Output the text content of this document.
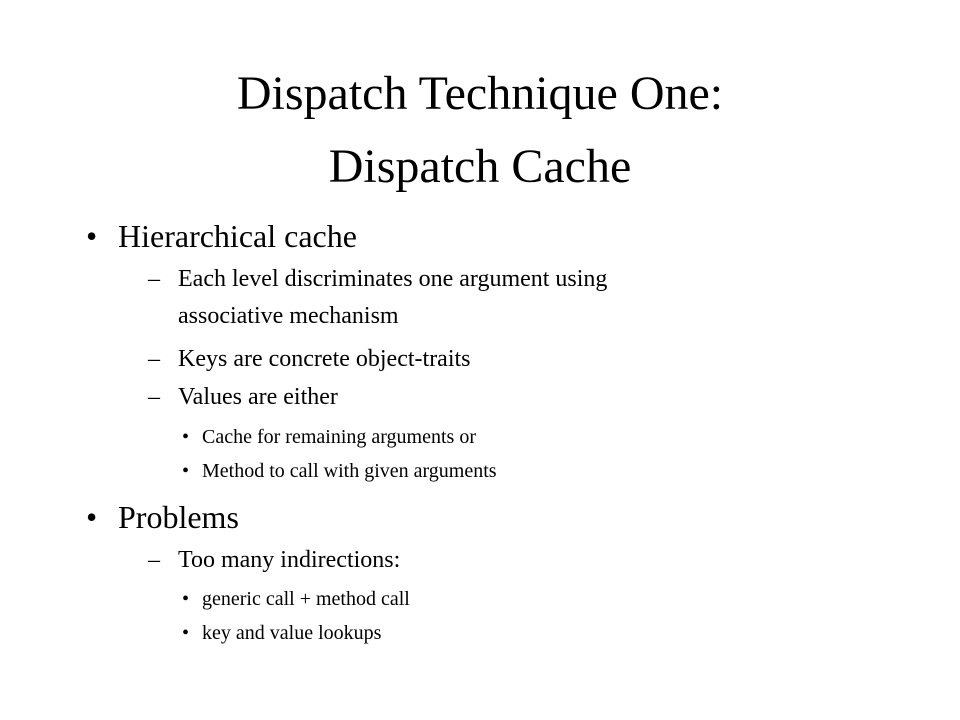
Dispatch Technique One:
Dispatch Cache
• Hierarchical cache
– Each level discriminates one argument using
associative mechanism
– Keys are concrete object-traits
– Values are either
• Cache for remaining arguments or
• Method to call with given arguments
• Problems
– Too many indirections:
• generic call + method call
• key and value lookups
